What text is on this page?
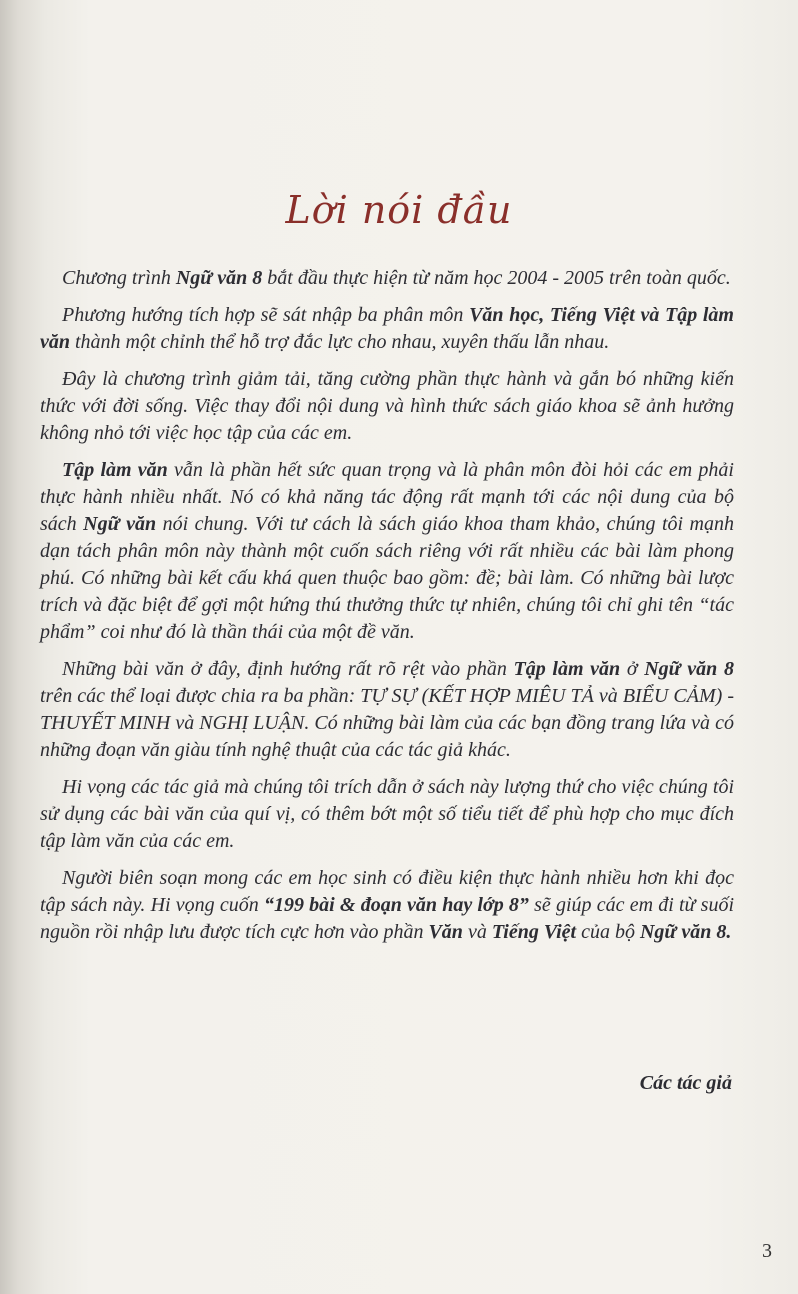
Lời nói đầu

Chương trình Ngữ văn 8 bắt đầu thực hiện từ năm học 2004 - 2005 trên toàn quốc.

Phương hướng tích hợp sẽ sát nhập ba phân môn Văn học, Tiếng Việt và Tập làm văn thành một chỉnh thể hỗ trợ đắc lực cho nhau, xuyên thấu lẫn nhau.

Đây là chương trình giảm tải, tăng cường phần thực hành và gắn bó những kiến thức với đời sống. Việc thay đổi nội dung và hình thức sách giáo khoa sẽ ảnh hưởng không nhỏ tới việc học tập của các em.

Tập làm văn vẫn là phần hết sức quan trọng và là phân môn đòi hỏi các em phải thực hành nhiều nhất. Nó có khả năng tác động rất mạnh tới các nội dung của bộ sách Ngữ văn nói chung. Với tư cách là sách giáo khoa tham khảo, chúng tôi mạnh dạn tách phân môn này thành một cuốn sách riêng với rất nhiều các bài làm phong phú. Có những bài kết cấu khá quen thuộc bao gồm: đề; bài làm. Có những bài lược trích và đặc biệt để gợi một hứng thú thưởng thức tự nhiên, chúng tôi chỉ ghi tên “tác phẩm” coi như đó là thần thái của một đề văn.

Những bài văn ở đây, định hướng rất rõ rệt vào phần Tập làm văn ở Ngữ văn 8 trên các thể loại được chia ra ba phần: TỰ SỰ (KẾT HỢP MIÊU TẢ và BIỂU CẢM) - THUYẾT MINH và NGHỊ LUẬN. Có những bài làm của các bạn đồng trang lứa và có những đoạn văn giàu tính nghệ thuật của các tác giả khác.

Hi vọng các tác giả mà chúng tôi trích dẫn ở sách này lượng thứ cho việc chúng tôi sử dụng các bài văn của quí vị, có thêm bớt một số tiểu tiết để phù hợp cho mục đích tập làm văn của các em.

Người biên soạn mong các em học sinh có điều kiện thực hành nhiều hơn khi đọc tập sách này. Hi vọng cuốn “199 bài & đoạn văn hay lớp 8” sẽ giúp các em đi từ suối nguồn rồi nhập lưu được tích cực hơn vào phần Văn và Tiếng Việt của bộ Ngữ văn 8.

Các tác giả
3
